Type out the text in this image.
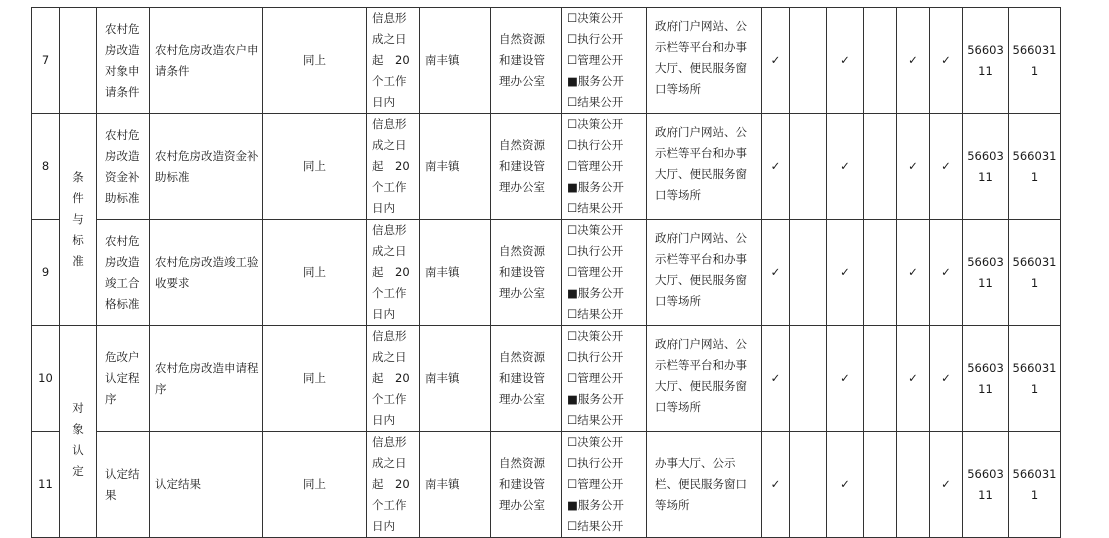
7		农村危房改造对象申请条件	农村危房改造农户申请条件	同上	信息形
成之日
起　20
个工作
日内	南丰镇	自然资源和建设管理办公室	☐决策公开
☐执行公开
☐管理公开
■服务公开
☐结果公开	政府门户网站、公示栏等平台和办事大厅、便民服务窗口等场所	✓		✓		✓	✓	56603
11	566031
1

8	条
件
与
标
准	农村危房改造资金补助标准	农村危房改造资金补助标准	同上	信息形
成之日
起　20
个工作
日内	南丰镇	自然资源和建设管理办公室	☐决策公开
☐执行公开
☐管理公开
■服务公开
☐结果公开	政府门户网站、公示栏等平台和办事大厅、便民服务窗口等场所	✓		✓		✓	✓	56603
11	566031
1

9		农村危房改造竣工合格标准	农村危房改造竣工验收要求	同上	信息形
成之日
起　20
个工作
日内	南丰镇	自然资源和建设管理办公室	☐决策公开
☐执行公开
☐管理公开
■服务公开
☐结果公开	政府门户网站、公示栏等平台和办事大厅、便民服务窗口等场所	✓		✓		✓	✓	56603
11	566031
1

10	对
象
认
定	危改户认定程序	农村危房改造申请程序	同上	信息形
成之日
起　20
个工作
日内	南丰镇	自然资源和建设管理办公室	☐决策公开
☐执行公开
☐管理公开
■服务公开
☐结果公开	政府门户网站、公示栏等平台和办事大厅、便民服务窗口等场所	✓		✓		✓	✓	56603
11	566031
1

11		认定结果	认定结果	同上	信息形
成之日
起　20
个工作
日内	南丰镇	自然资源和建设管理办公室	☐决策公开
☐执行公开
☐管理公开
■服务公开
☐结果公开	办事大厅、公示栏、便民服务窗口等场所	✓		✓			✓	56603
11	566031
1
